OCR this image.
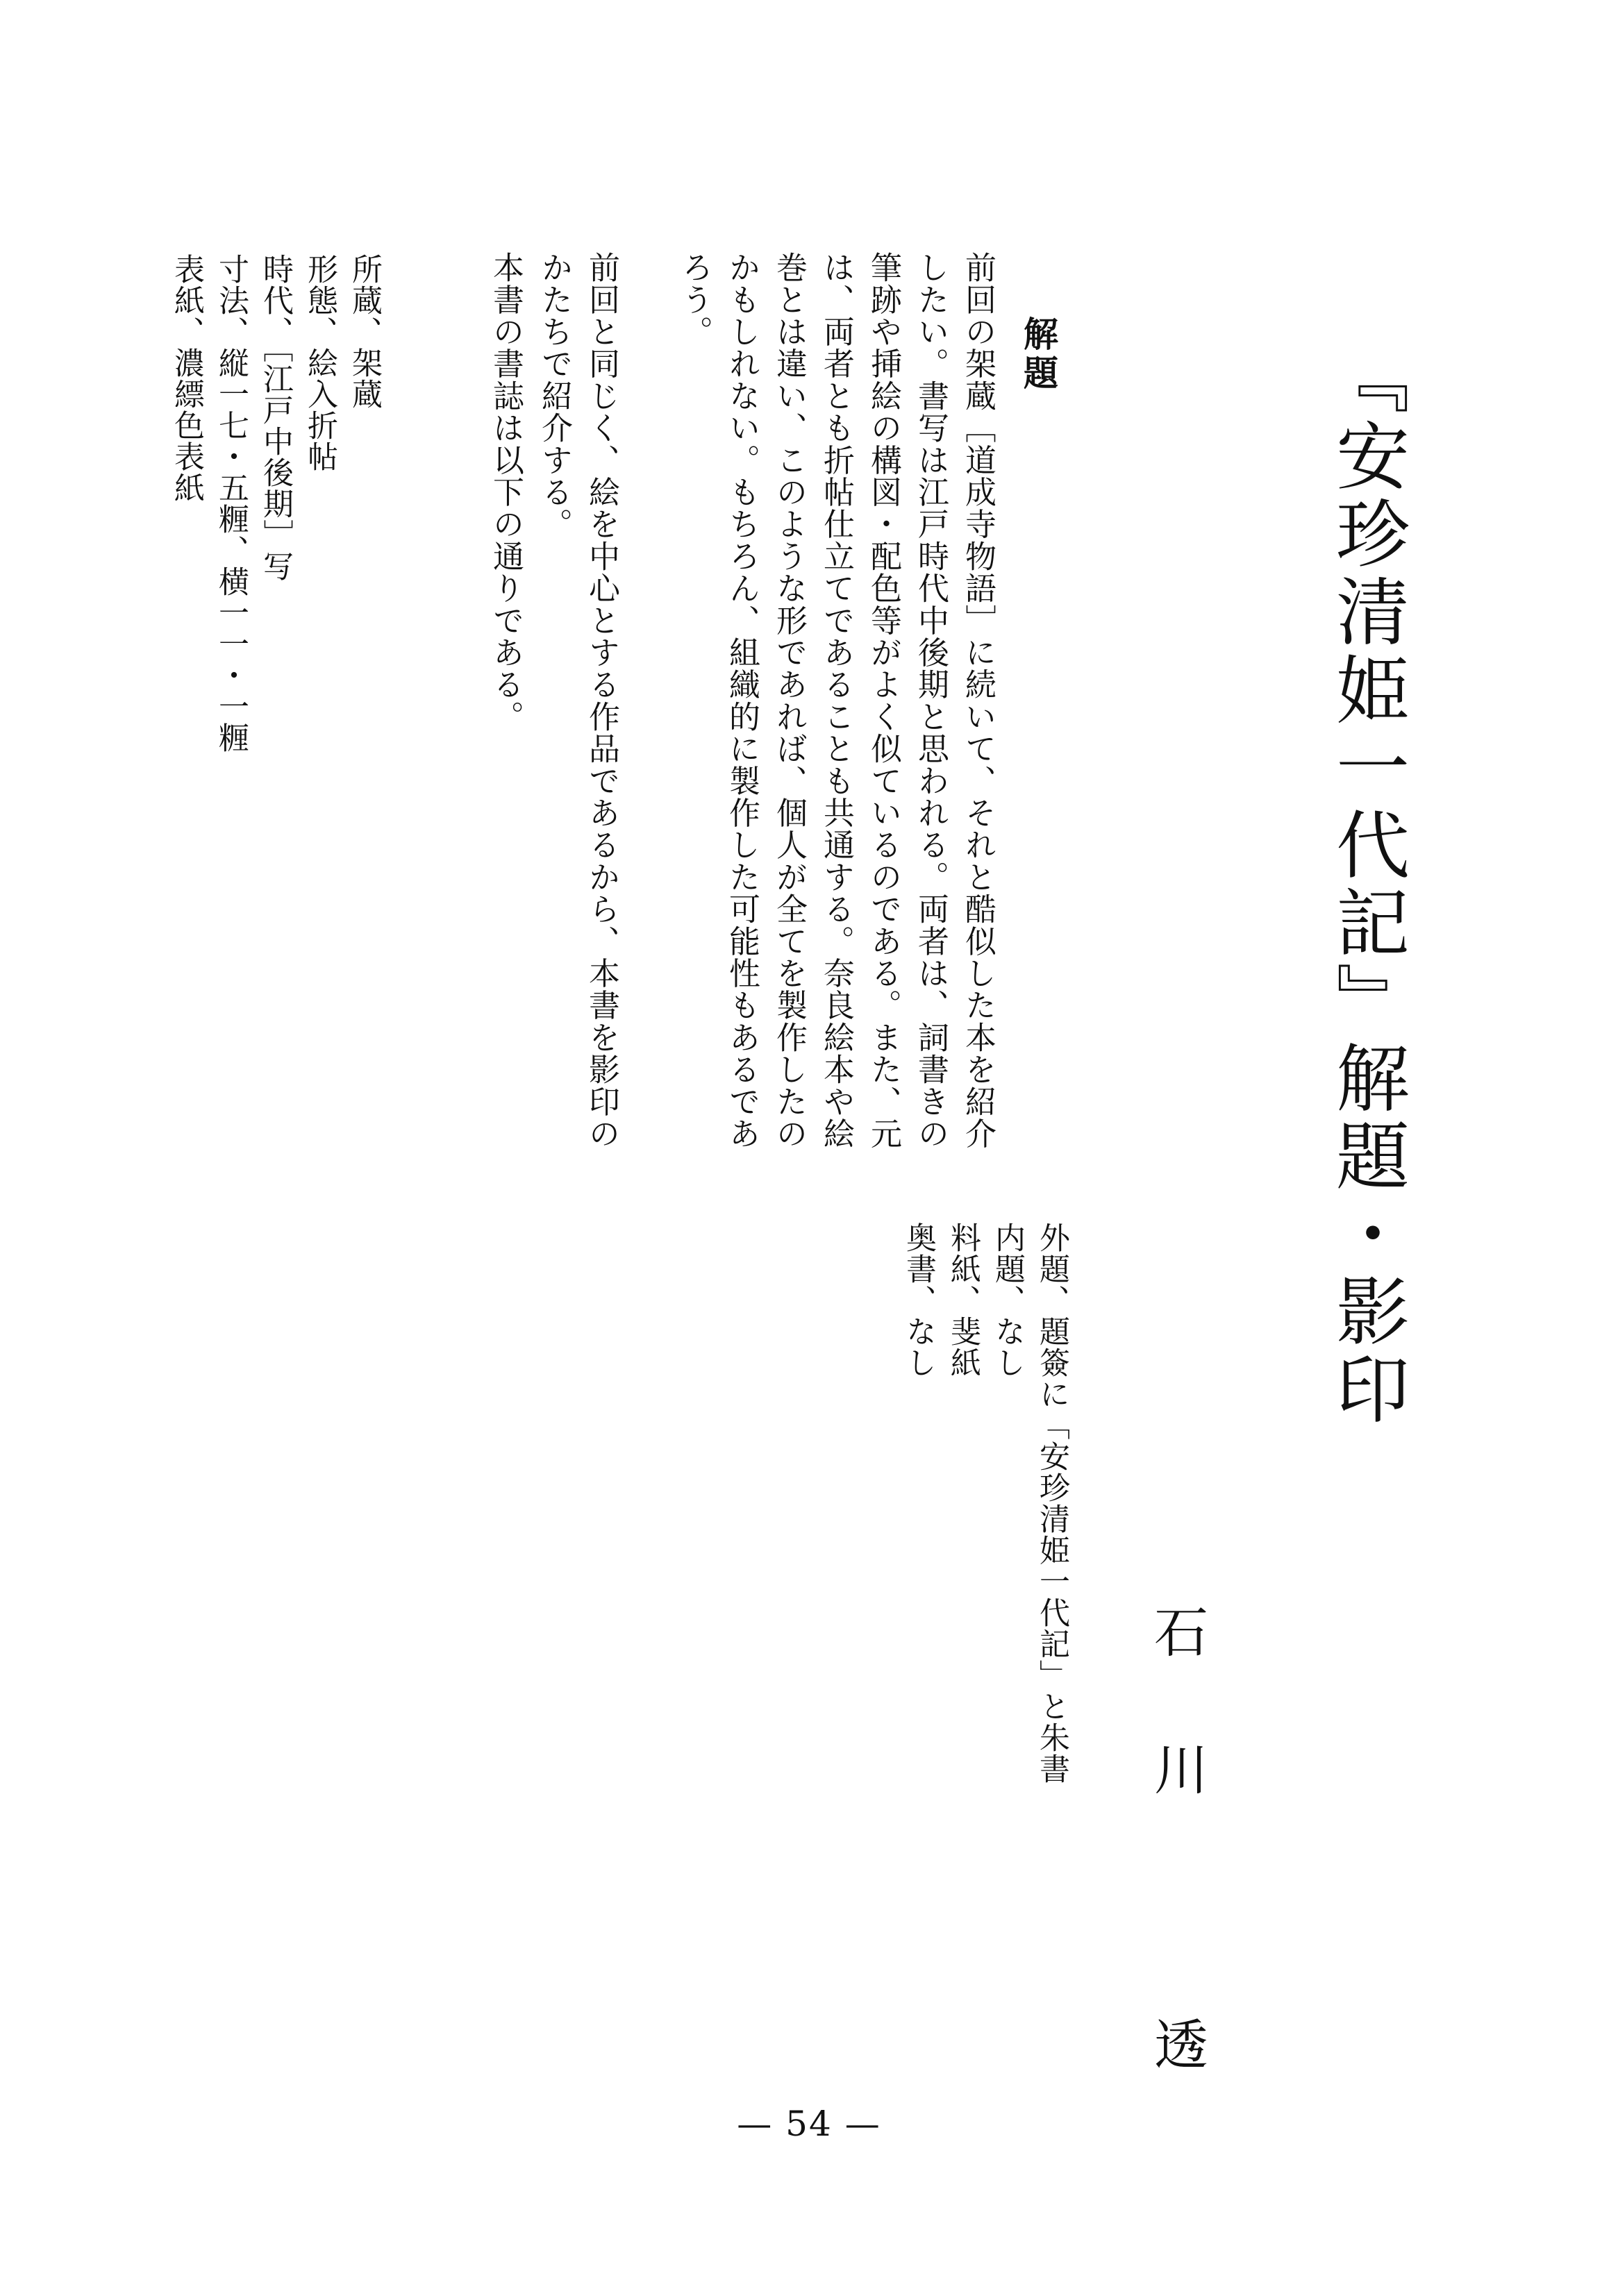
『安珍清姫一代記』解題・影印
石川　透
解題
前回の架蔵［道成寺物語］に続いて、それと酷似した本を紹介したい。書写は江戸時代中後期と思われる。両者は、詞書きの筆跡や挿絵の構図・配色等がよく似ているのである。また、元は、両者とも折帖仕立てであることも共通する。奈良絵本や絵巻とは違い、このような形であれば、個人が全てを製作したのかもしれない。もちろん、組織的に製作した可能性もあるであろう。
前回と同じく、絵を中心とする作品であるから、本書を影印のかたちで紹介する。
本書の書誌は以下の通りである。
外題、題簽に「安珍清姫一代記」と朱書
内題、なし
料紙、斐紙
奥書、なし
所蔵、架蔵
形態、絵入折帖
時代、［江戸中後期］写
寸法、縦一七・五糎、横一一・一糎
表紙、濃縹色表紙
— 54 —
